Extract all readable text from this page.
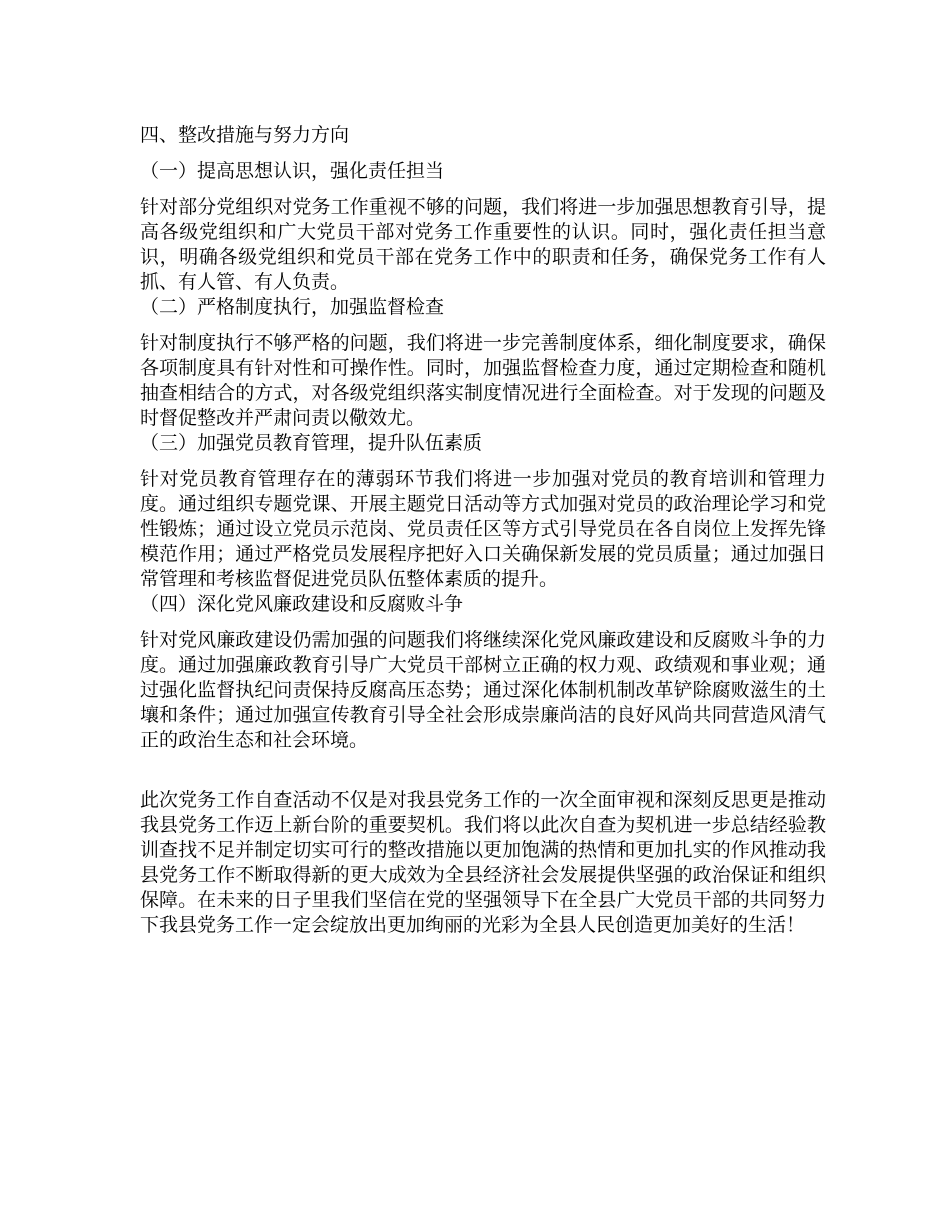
四、整改措施与努力方向
（一）提高思想认识，强化责任担当

针对部分党组织对党务工作重视不够的问题，我们将进一步加强思想教育引导，提高各级党组织和广大党员干部对党务工作重要性的认识。同时，强化责任担当意识，明确各级党组织和党员干部在党务工作中的职责和任务，确保党务工作有人抓、有人管、有人负责。

（二）严格制度执行，加强监督检查

针对制度执行不够严格的问题，我们将进一步完善制度体系，细化制度要求，确保各项制度具有针对性和可操作性。同时，加强监督检查力度，通过定期检查和随机抽查相结合的方式，对各级党组织落实制度情况进行全面检查。对于发现的问题及时督促整改并严肃问责以儆效尤。

（三）加强党员教育管理，提升队伍素质

针对党员教育管理存在的薄弱环节我们将进一步加强对党员的教育培训和管理力度。通过组织专题党课、开展主题党日活动等方式加强对党员的政治理论学习和党性锻炼；通过设立党员示范岗、党员责任区等方式引导党员在各自岗位上发挥先锋模范作用；通过严格党员发展程序把好入口关确保新发展的党员质量；通过加强日常管理和考核监督促进党员队伍整体素质的提升。

（四）深化党风廉政建设和反腐败斗争

针对党风廉政建设仍需加强的问题我们将继续深化党风廉政建设和反腐败斗争的力度。通过加强廉政教育引导广大党员干部树立正确的权力观、政绩观和事业观；通过强化监督执纪问责保持反腐高压态势；通过深化体制机制改革铲除腐败滋生的土壤和条件；通过加强宣传教育引导全社会形成崇廉尚洁的良好风尚共同营造风清气正的政治生态和社会环境。

此次党务工作自查活动不仅是对我县党务工作的一次全面审视和深刻反思更是推动我县党务工作迈上新台阶的重要契机。我们将以此次自查为契机进一步总结经验教训查找不足并制定切实可行的整改措施以更加饱满的热情和更加扎实的作风推动我县党务工作不断取得新的更大成效为全县经济社会发展提供坚强的政治保证和组织保障。在未来的日子里我们坚信在党的坚强领导下在全县广大党员干部的共同努力下我县党务工作一定会绽放出更加绚丽的光彩为全县人民创造更加美好的生活！
